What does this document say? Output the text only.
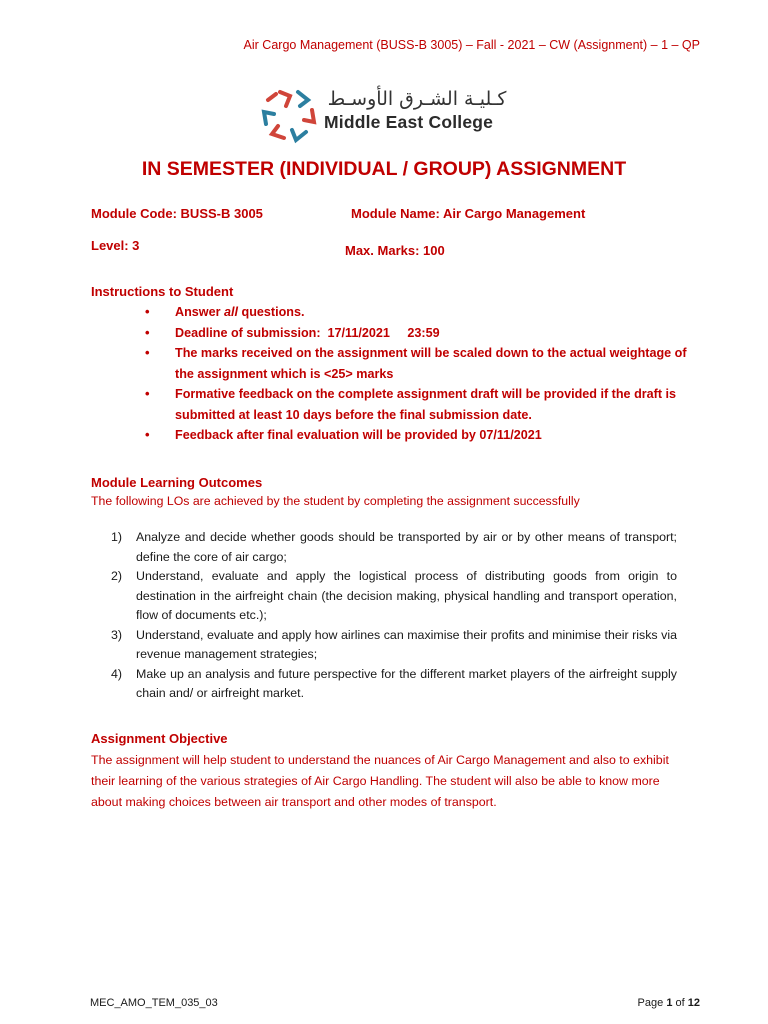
Air Cargo Management (BUSS-B 3005) – Fall - 2021 – CW (Assignment) – 1 – QP
كـليـة الشـرق الأوسـط
Middle East College
IN SEMESTER (INDIVIDUAL / GROUP) ASSIGNMENT
Module Code: BUSS-B 3005	Module Name: Air Cargo Management
Level: 3	Max. Marks: 100
Instructions to Student
• Answer all questions.
• Deadline of submission:  17/11/2021     23:59
• The marks received on the assignment will be scaled down to the actual weightage of the assignment which is <25> marks
• Formative feedback on the complete assignment draft will be provided if the draft is submitted at least 10 days before the final submission date.
• Feedback after final evaluation will be provided by 07/11/2021
Module Learning Outcomes
The following LOs are achieved by the student by completing the assignment successfully
1) Analyze and decide whether goods should be transported by air or by other means of transport; define the core of air cargo;
2) Understand, evaluate and apply the logistical process of distributing goods from origin to destination in the airfreight chain (the decision making, physical handling and transport operation, flow of documents etc.);
3) Understand, evaluate and apply how airlines can maximise their profits and minimise their risks via revenue management strategies;
4) Make up an analysis and future perspective for the different market players of the airfreight supply chain and/ or airfreight market.
Assignment Objective
The assignment will help student to understand the nuances of Air Cargo Management and also to exhibit their learning of the various strategies of Air Cargo Handling. The student will also be able to know more about making choices between air transport and other modes of transport.
MEC_AMO_TEM_035_03	Page 1 of 12
